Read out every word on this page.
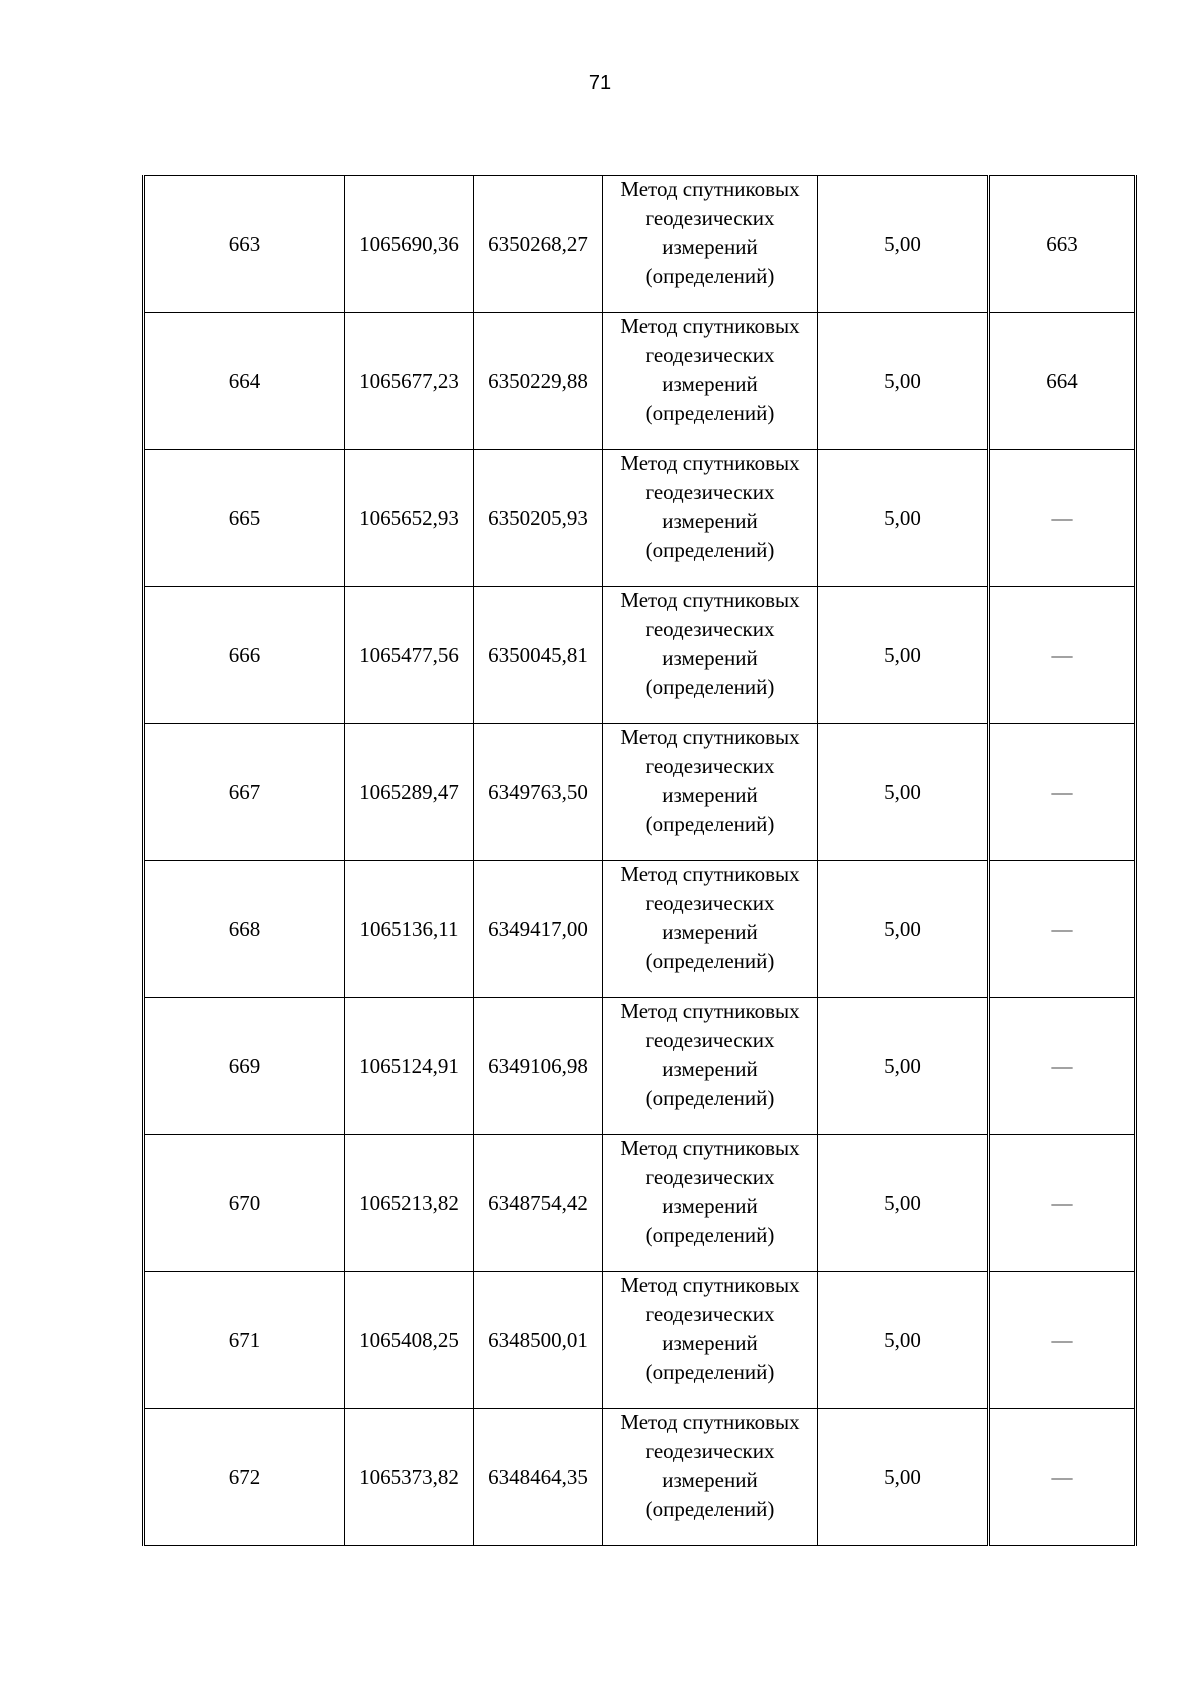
71
663	1065690,36	6350268,27	Метод спутниковых геодезических измерений (определений)	5,00	663
664	1065677,23	6350229,88	Метод спутниковых геодезических измерений (определений)	5,00	664
665	1065652,93	6350205,93	Метод спутниковых геодезических измерений (определений)	5,00	—
666	1065477,56	6350045,81	Метод спутниковых геодезических измерений (определений)	5,00	—
667	1065289,47	6349763,50	Метод спутниковых геодезических измерений (определений)	5,00	—
668	1065136,11	6349417,00	Метод спутниковых геодезических измерений (определений)	5,00	—
669	1065124,91	6349106,98	Метод спутниковых геодезических измерений (определений)	5,00	—
670	1065213,82	6348754,42	Метод спутниковых геодезических измерений (определений)	5,00	—
671	1065408,25	6348500,01	Метод спутниковых геодезических измерений (определений)	5,00	—
672	1065373,82	6348464,35	Метод спутниковых геодезических измерений (определений)	5,00	—
